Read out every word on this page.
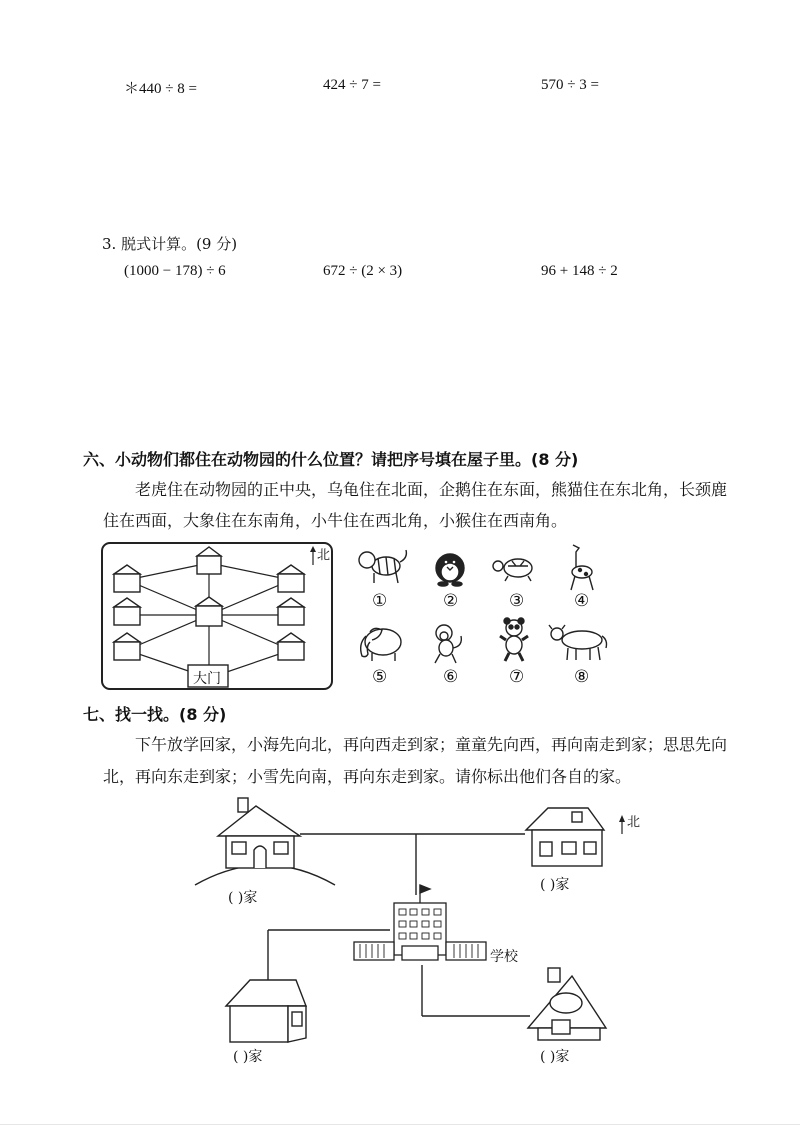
＊440 ÷ 8 =	424 ÷ 7 =	570 ÷ 3 =
3. 脱式计算。(9 分)
(1000 − 178) ÷ 6	672 ÷ (2 × 3)	96 + 148 ÷ 2
六、小动物们都住在动物园的什么位置？请把序号填在屋子里。(8 分)
老虎住在动物园的正中央，乌龟住在北面，企鹅住在东面，熊猫住在东北角，长颈鹿
住在西面，大象住在东南角，小牛住在西北角，小猴住在西南角。
北
大门
①	②	③	④
⑤	⑥	⑦	⑧
七、找一找。(8 分)
下午放学回家，小海先向北，再向西走到家；童童先向西，再向南走到家；思思先向
北，再向东走到家；小雪先向南，再向东走到家。请你标出他们各自的家。
北
学校
( )家
( )家
( )家	( )家
